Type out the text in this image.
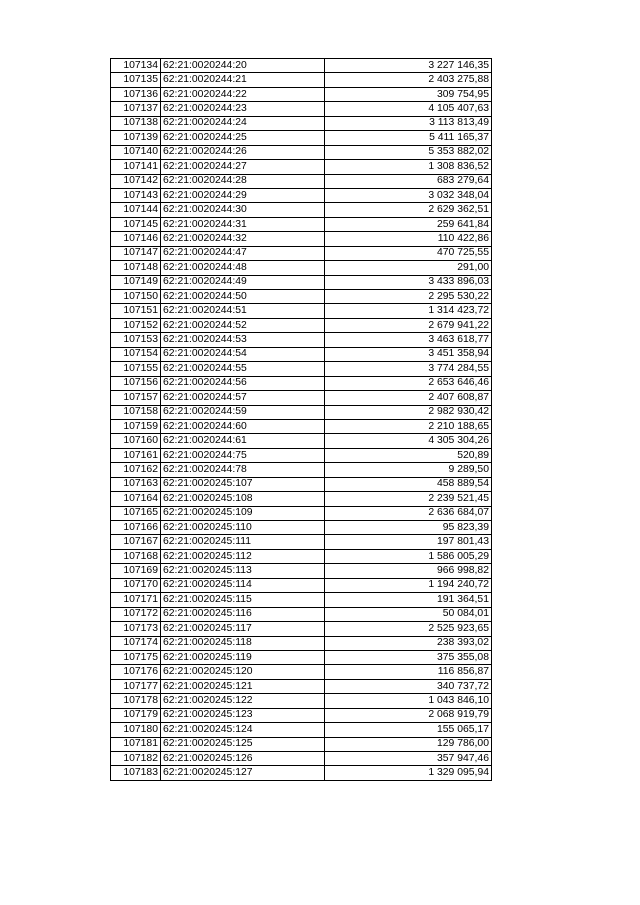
107134	62:21:0020244:20	3 227 146,35
107135	62:21:0020244:21	2 403 275,88
107136	62:21:0020244:22	309 754,95
107137	62:21:0020244:23	4 105 407,63
107138	62:21:0020244:24	3 113 813,49
107139	62:21:0020244:25	5 411 165,37
107140	62:21:0020244:26	5 353 882,02
107141	62:21:0020244:27	1 308 836,52
107142	62:21:0020244:28	683 279,64
107143	62:21:0020244:29	3 032 348,04
107144	62:21:0020244:30	2 629 362,51
107145	62:21:0020244:31	259 641,84
107146	62:21:0020244:32	110 422,86
107147	62:21:0020244:47	470 725,55
107148	62:21:0020244:48	291,00
107149	62:21:0020244:49	3 433 896,03
107150	62:21:0020244:50	2 295 530,22
107151	62:21:0020244:51	1 314 423,72
107152	62:21:0020244:52	2 679 941,22
107153	62:21:0020244:53	3 463 618,77
107154	62:21:0020244:54	3 451 358,94
107155	62:21:0020244:55	3 774 284,55
107156	62:21:0020244:56	2 653 646,46
107157	62:21:0020244:57	2 407 608,87
107158	62:21:0020244:59	2 982 930,42
107159	62:21:0020244:60	2 210 188,65
107160	62:21:0020244:61	4 305 304,26
107161	62:21:0020244:75	520,89
107162	62:21:0020244:78	9 289,50
107163	62:21:0020245:107	458 889,54
107164	62:21:0020245:108	2 239 521,45
107165	62:21:0020245:109	2 636 684,07
107166	62:21:0020245:110	95 823,39
107167	62:21:0020245:111	197 801,43
107168	62:21:0020245:112	1 586 005,29
107169	62:21:0020245:113	966 998,82
107170	62:21:0020245:114	1 194 240,72
107171	62:21:0020245:115	191 364,51
107172	62:21:0020245:116	50 084,01
107173	62:21:0020245:117	2 525 923,65
107174	62:21:0020245:118	238 393,02
107175	62:21:0020245:119	375 355,08
107176	62:21:0020245:120	116 856,87
107177	62:21:0020245:121	340 737,72
107178	62:21:0020245:122	1 043 846,10
107179	62:21:0020245:123	2 068 919,79
107180	62:21:0020245:124	155 065,17
107181	62:21:0020245:125	129 786,00
107182	62:21:0020245:126	357 947,46
107183	62:21:0020245:127	1 329 095,94
